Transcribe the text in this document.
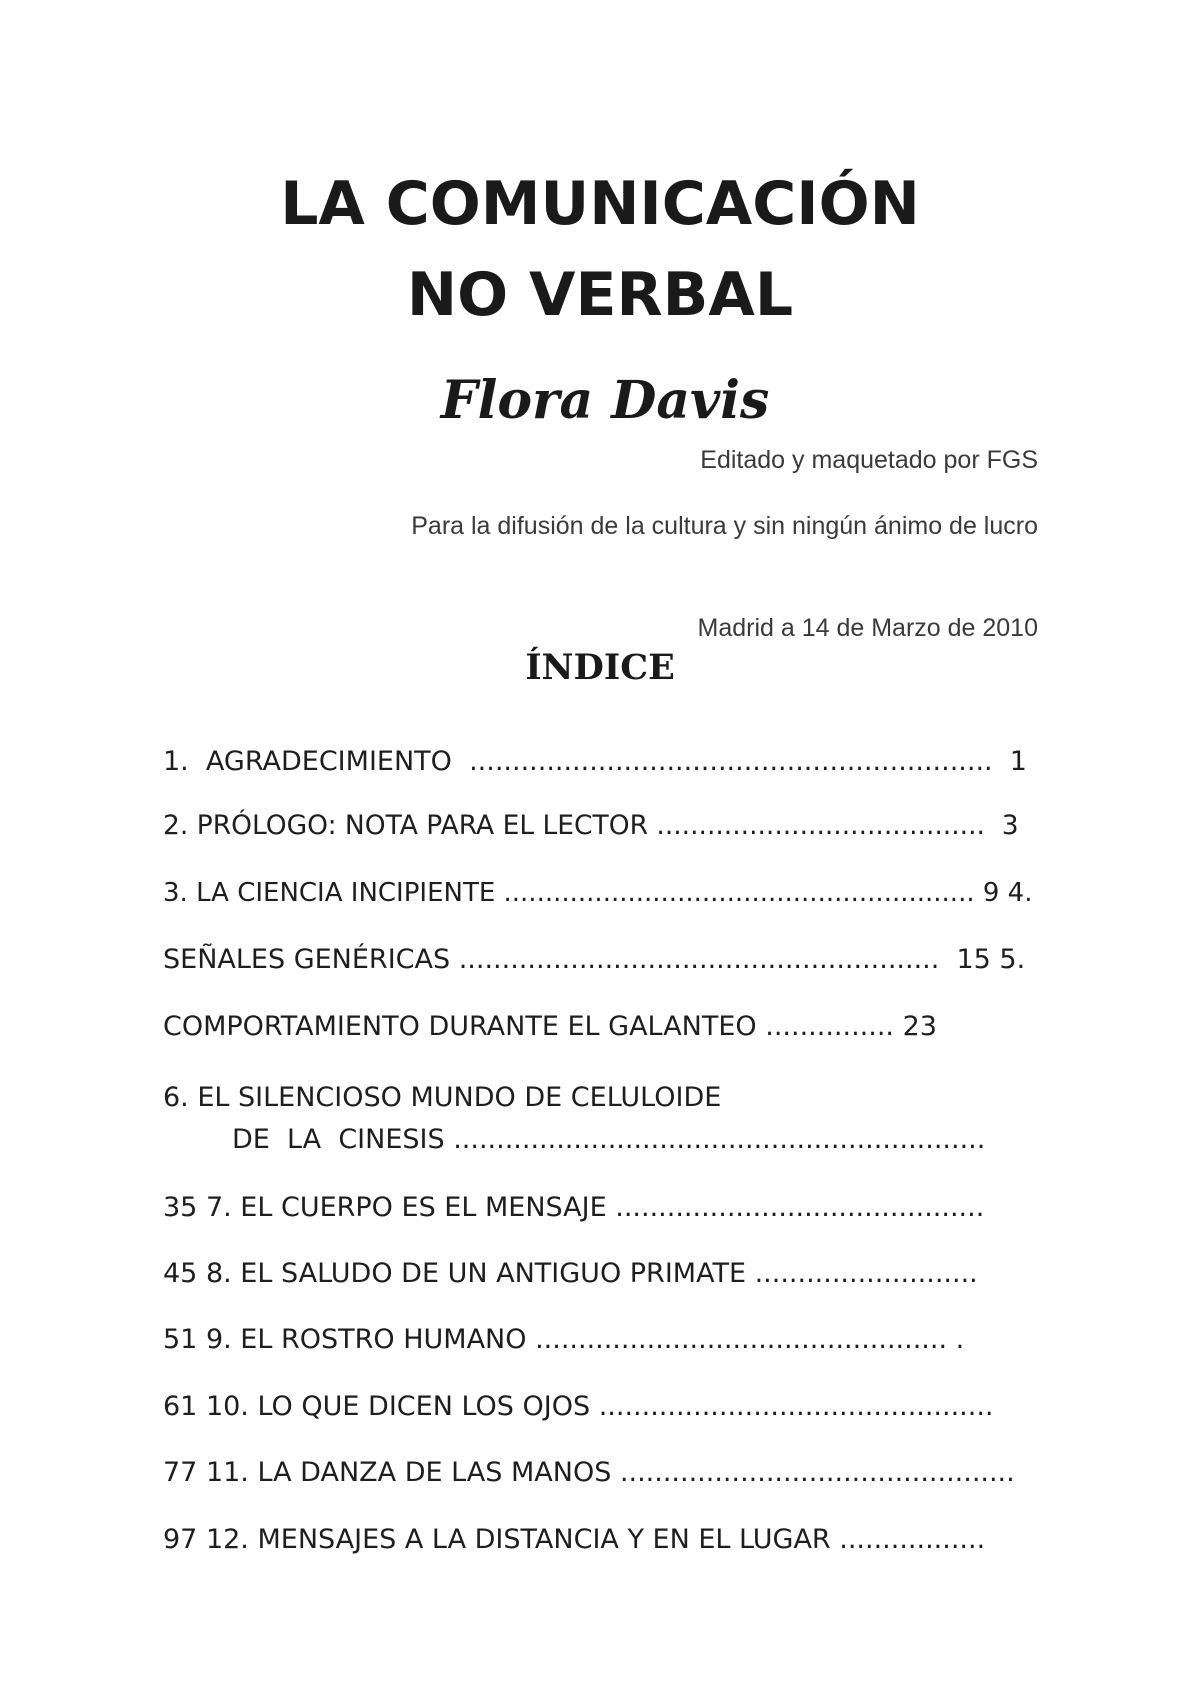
LA COMUNICACIÓN
NO VERBAL
Flora Davis
Editado y maquetado por FGS
Para la difusión de la cultura y sin ningún ánimo de lucro
Madrid a 14 de Marzo de 2010
ÍNDICE
1.  AGRADECIMIENTO  .............................................................  1
2. PRÓLOGO: NOTA PARA EL LECTOR .......................................  3
3. LA CIENCIA INCIPIENTE ......................................................... 9 4.
SEÑALES GENÉRICAS ........................................................  15 5.
COMPORTAMIENTO DURANTE EL GALANTEO ............... 23
6. EL SILENCIOSO MUNDO DE CELULOIDE
DE  LA  CINESIS ..............................................................
35 7. EL CUERPO ES EL MENSAJE ...........................................
45 8. EL SALUDO DE UN ANTIGUO PRIMATE ..........................
51 9. EL ROSTRO HUMANO ................................................ .
61 10. LO QUE DICEN LOS OJOS ..............................................
77 11. LA DANZA DE LAS MANOS ..............................................
97 12. MENSAJES A LA DISTANCIA Y EN EL LUGAR .................
